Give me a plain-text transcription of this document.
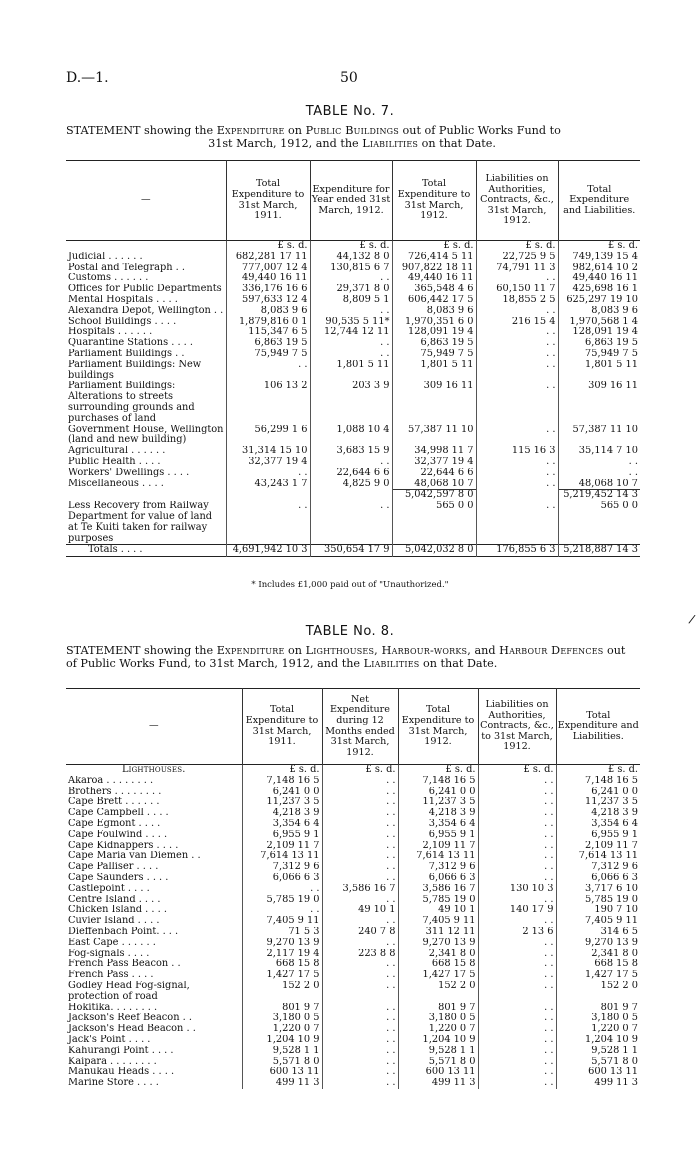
D.—1.	50
TABLE No. 7.
STATEMENT showing the Expenditure on Public Buildings out of Public Works Fund to
31st March, 1912, and the Liabilities on that Date.
—	Total Expenditure to 31st March, 1911.	Expenditure for Year ended 31st March, 1912.	Total Expenditure to 31st March, 1912.	Liabilities on Authorities, Contracts, &c., 31st March, 1912.	Total Expenditure and Liabilities.
	£ s. d.	£ s. d.	£ s. d.	£ s. d.	£ s. d.
Judicial . . . . . .	682,281 17 11	44,132 8 0	726,414 5 11	22,725 9 5	749,139 15 4
Postal and Telegraph . .	777,007 12 4	130,815 6 7	907,822 18 11	74,791 11 3	982,614 10 2
Customs . . . . . .	49,440 16 11	. .	49,440 16 11	. .	49,440 16 11
Offices for Public Departments	336,176 16 6	29,371 8 0	365,548 4 6	60,150 11 7	425,698 16 1
Mental Hospitals . . . .	597,633 12 4	8,809 5 1	606,442 17 5	18,855 2 5	625,297 19 10
Alexandra Depot, Wellington . .	8,083 9 6	. .	8,083 9 6	. .	8,083 9 6
School Buildings . . . .	1,879,816 0 1	90,535 5 11*	1,970,351 6 0	216 15 4	1,970,568 1 4
Hospitals . . . . . .	115,347 6 5	12,744 12 11	128,091 19 4	. .	128,091 19 4
Quarantine Stations . . . .	6,863 19 5	. .	6,863 19 5	. .	6,863 19 5
Parliament Buildings . .	75,949 7 5	. .	75,949 7 5	. .	75,949 7 5
Parliament Buildings: New buildings	. .	1,801 5 11	1,801 5 11	. .	1,801 5 11
Parliament Buildings: Alterations to streets surrounding grounds and purchases of land	106 13 2	203 3 9	309 16 11	. .	309 16 11
Government House, Wellington (land and new building)	56,299 1 6	1,088 10 4	57,387 11 10	. .	57,387 11 10
Agricultural . . . . . .	31,314 15 10	3,683 15 9	34,998 11 7	115 16 3	35,114 7 10
Public Health . . . .	32,377 19 4	. .	32,377 19 4	. .	. .
Workers' Dwellings . . . .	. .	22,644 6 6	22,644 6 6	. .	. .
Miscellaneous . . . .	43,243 1 7	4,825 9 0	48,068 10 7	. .	48,068 10 7
			5,042,597 8 0		5,219,452 14 3
Less Recovery from Railway Department for value of land at Te Kuiti taken for railway purposes	. .	. .	565 0 0	. .	565 0 0
Totals . . . .	4,691,942 10 3	350,654 17 9	5,042,032 8 0	176,855 6 3	5,218,887 14 3
* Includes £1,000 paid out of "Unauthorized."
/
TABLE No. 8.
STATEMENT showing the Expenditure on Lighthouses, Harbour-works, and Harbour Defences out of Public Works Fund, to 31st March, 1912, and the Liabilities on that Date.
—	Total Expenditure to 31st March, 1911.	Net Expenditure during 12 Months ended 31st March, 1912.	Total Expenditure to 31st March, 1912.	Liabilities on Authorities, Contracts, &c., to 31st March, 1912.	Total Expenditure and Liabilities.
Lighthouses.	£ s. d.	£ s. d.	£ s. d.	£ s. d.	£ s. d.
Akaroa . . . . . . . .	7,148 16 5	. .	7,148 16 5	. .	7,148 16 5
Brothers . . . . . . . .	6,241 0 0	. .	6,241 0 0	. .	6,241 0 0
Cape Brett . . . . . .	11,237 3 5	. .	11,237 3 5	. .	11,237 3 5
Cape Campbell . . . .	4,218 3 9	. .	4,218 3 9	. .	4,218 3 9
Cape Egmont . . . .	3,354 6 4	. .	3,354 6 4	. .	3,354 6 4
Cape Foulwind . . . .	6,955 9 1	. .	6,955 9 1	. .	6,955 9 1
Cape Kidnappers . . . .	2,109 11 7	. .	2,109 11 7	. .	2,109 11 7
Cape Maria van Diemen . .	7,614 13 11	. .	7,614 13 11	. .	7,614 13 11
Cape Palliser . . . .	7,312 9 6	. .	7,312 9 6	. .	7,312 9 6
Cape Saunders . . . .	6,066 6 3	. .	6,066 6 3	. .	6,066 6 3
Castlepoint . . . .	. .	3,586 16 7	3,586 16 7	130 10 3	3,717 6 10
Centre Island . . . .	5,785 19 0	. .	5,785 19 0	. .	5,785 19 0
Chicken Island . . . .	. .	49 10 1	49 10 1	140 17 9	190 7 10
Cuvier Island . . . .	7,405 9 11	. .	7,405 9 11	. .	7,405 9 11
Dieffenbach Point. . . .	71 5 3	240 7 8	311 12 11	2 13 6	314 6 5
East Cape . . . . . .	9,270 13 9	. .	9,270 13 9	. .	9,270 13 9
Fog-signals . . . .	2,117 19 4	223 8 8	2,341 8 0	. .	2,341 8 0
French Pass Beacon . .	668 15 8	. .	668 15 8	. .	668 15 8
French Pass . . . .	1,427 17 5	. .	1,427 17 5	. .	1,427 17 5
Godley Head Fog-signal, protection of road	152 2 0	. .	152 2 0	. .	152 2 0
Hokitika. . . . . . . .	801 9 7	. .	801 9 7	. .	801 9 7
Jackson's Reef Beacon . .	3,180 0 5	. .	3,180 0 5	. .	3,180 0 5
Jackson's Head Beacon . .	1,220 0 7	. .	1,220 0 7	. .	1,220 0 7
Jack's Point . . . .	1,204 10 9	. .	1,204 10 9	. .	1,204 10 9
Kahurangi Point . . . .	9,528 1 1	. .	9,528 1 1	. .	9,528 1 1
Kaipara . . . . . . . .	5,571 8 0	. .	5,571 8 0	. .	5,571 8 0
Manukau Heads . . . .	600 13 11	. .	600 13 11	. .	600 13 11
Marine Store . . . .	499 11 3	. .	499 11 3	. .	499 11 3
